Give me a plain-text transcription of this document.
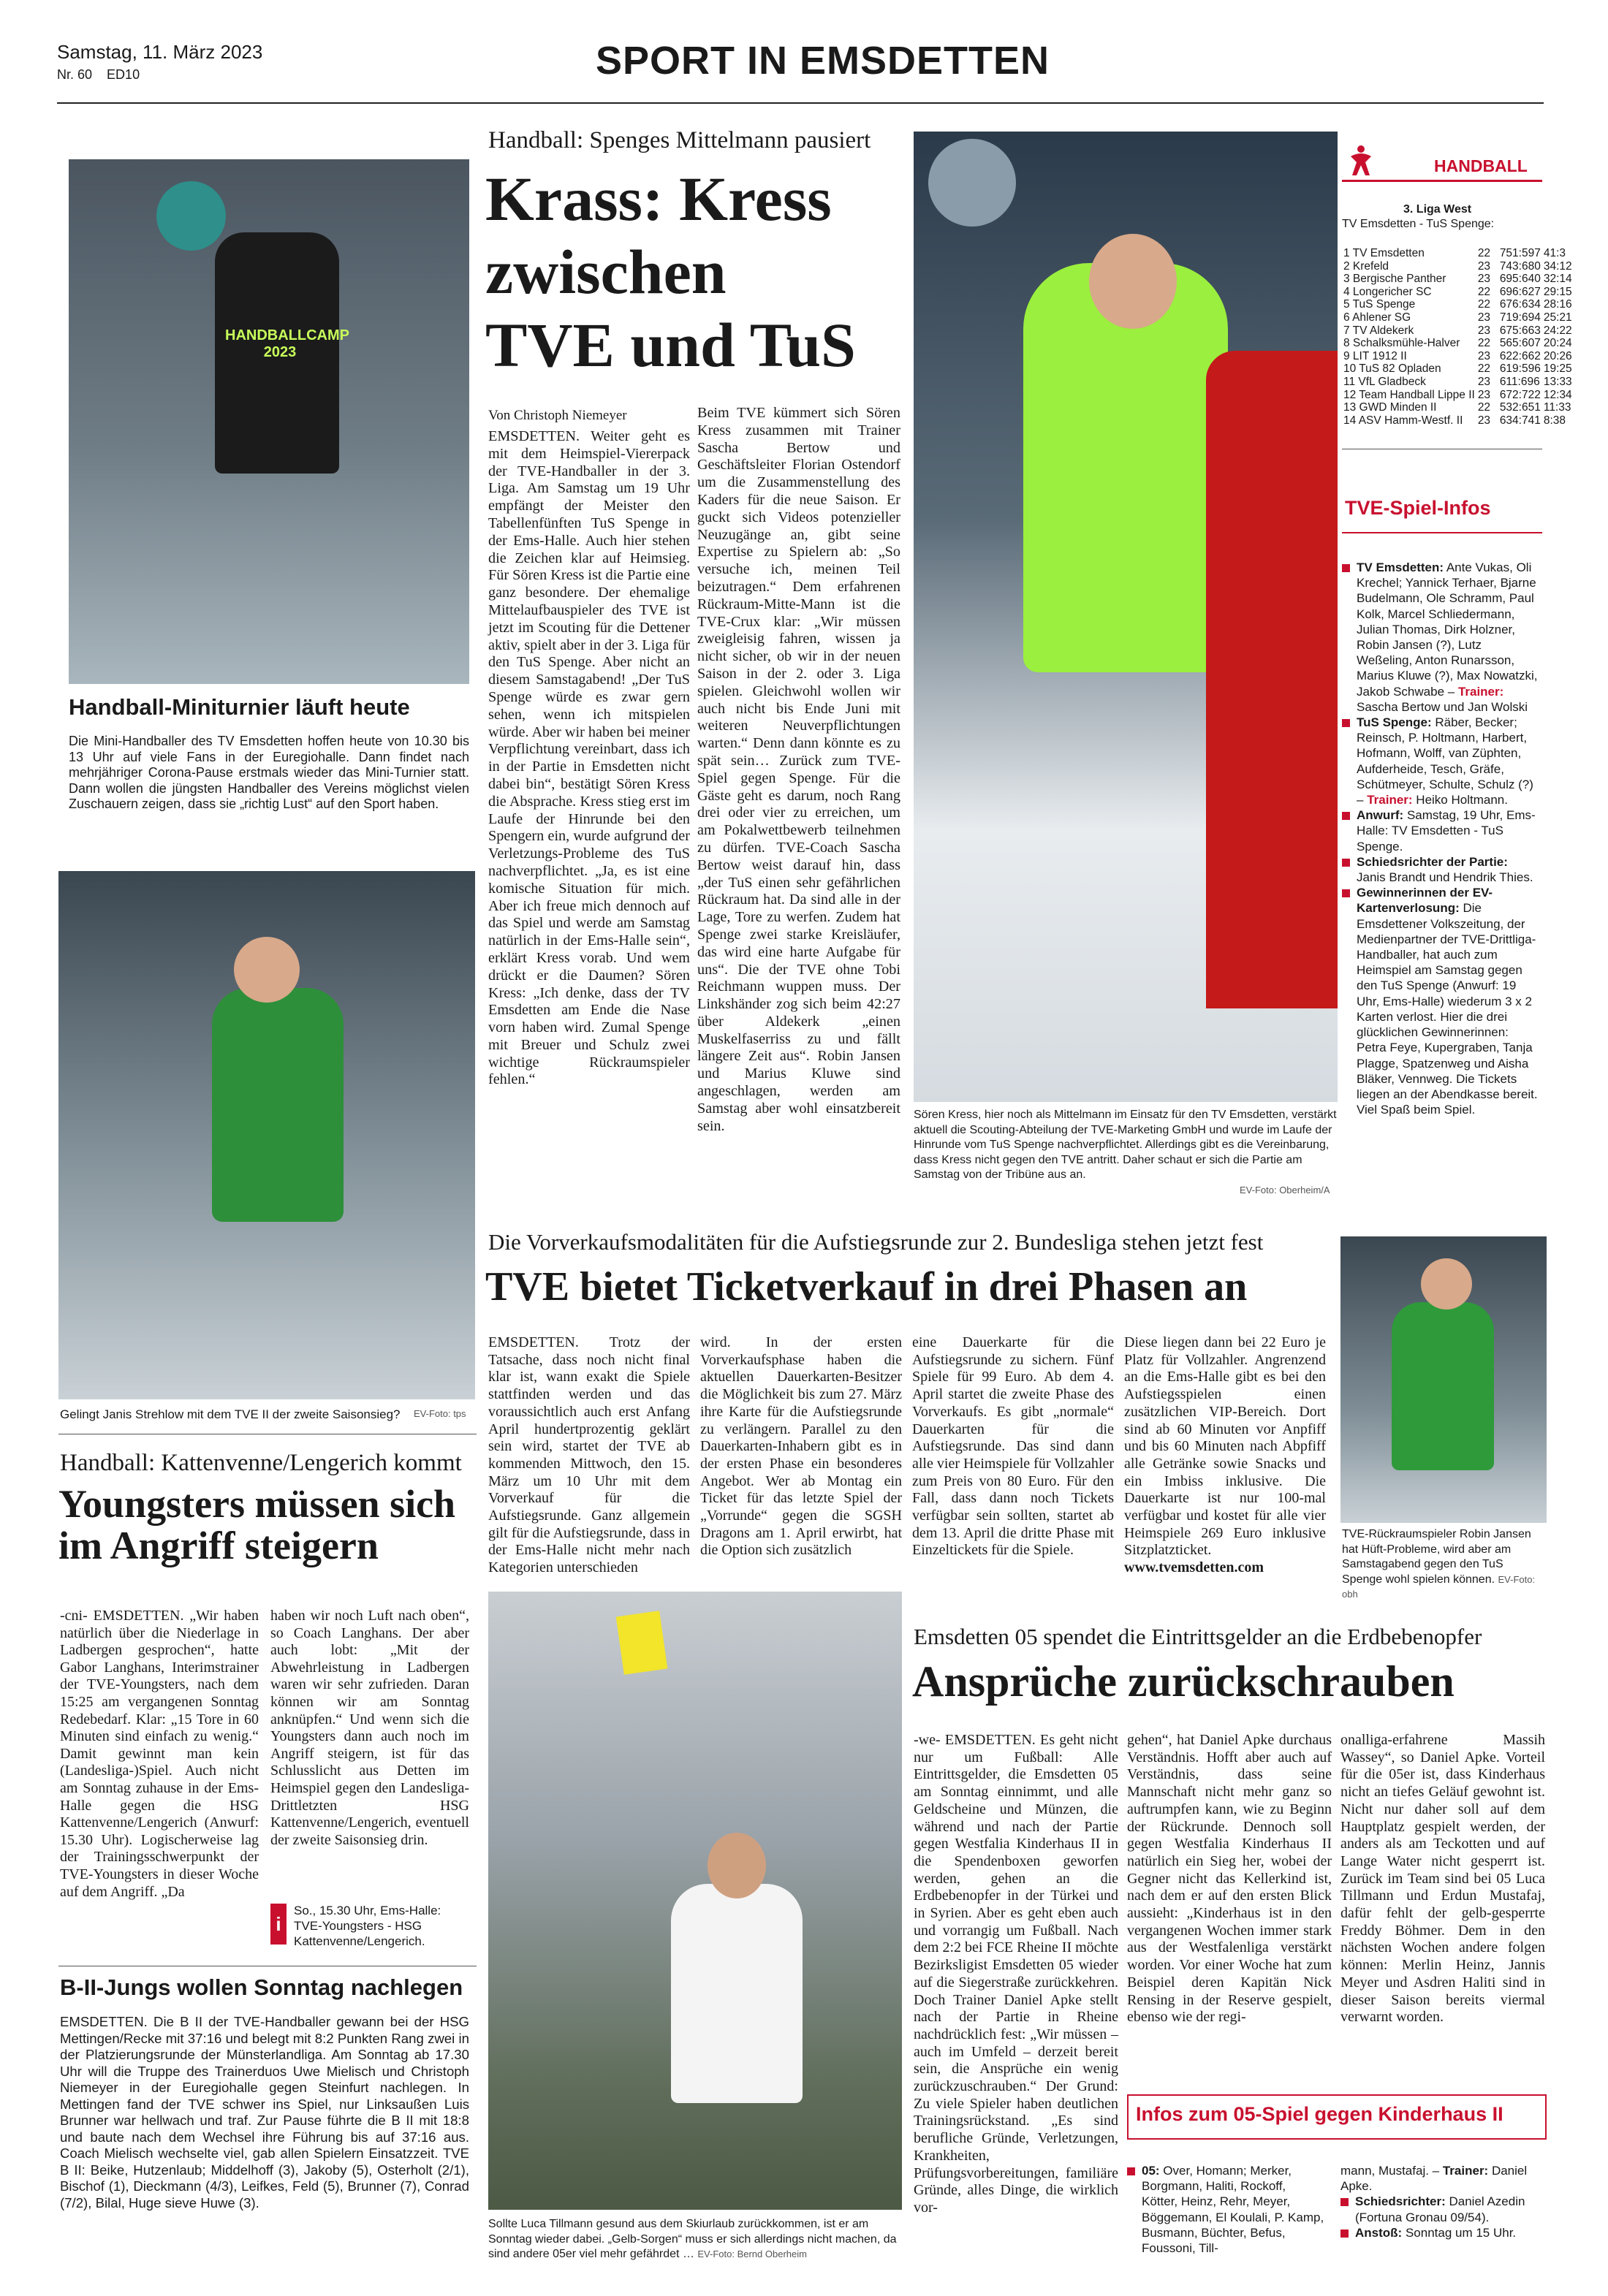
Samstag, 11. März 2023
Nr. 60 ED10	SPORT IN EMSDETTEN
HANDBALLCAMP 2023
Handball-Miniturnier läuft heute
Die Mini-Handballer des TV Emsdetten hoffen heute von 10.30 bis 13 Uhr auf viele Fans in der Euregiohalle. Dann findet nach mehrjähriger Corona-Pause erstmals wieder das Mini-Turnier statt. Dann wollen die jüngsten Handballer des Vereins möglichst vielen Zuschauern zeigen, dass sie „richtig Lust“ auf den Sport haben.
Gelingt Janis Strehlow mit dem TVE II der zweite Saisonsieg? EV-Foto: tps
Handball: Kattenvenne/Lengerich kommt
Youngsters müssen sich
im Angriff steigern
-cni- EMSDETTEN. „Wir haben natürlich über die Niederlage in Ladbergen gesprochen“, hatte Gabor Langhans, Interimstrainer der TVE-Youngsters, nach dem 15:25 am vergangenen Sonntag Redebedarf. Klar: „15 Tore in 60 Minuten sind einfach zu wenig.“ Damit gewinnt man kein (Landesliga-)Spiel. Auch nicht am Sonntag zuhause in der Ems-Halle gegen die HSG Kattenvenne/Lengerich (Anwurf: 15.30 Uhr). Logischerweise lag der Trainingsschwerpunkt der TVE-Youngsters in dieser Woche auf dem Angriff. „Da
haben wir noch Luft nach oben“, so Coach Langhans. Der aber auch lobt: „Mit der Abwehrleistung in Ladbergen waren wir sehr zufrieden. Daran können wir am Sonntag anknüpfen.“ Und wenn sich die Youngsters dann auch noch im Angriff steigern, ist für das Schlusslicht aus Detten im Heimspiel gegen den Landesliga-Drittletzten HSG Kattenvenne/Lengerich, eventuell der zweite Saisonsieg drin.
i
So., 15.30 Uhr, Ems-Halle: TVE-Youngsters - HSG Kattenvenne/Lengerich.
B-II-Jungs wollen Sonntag nachlegen
EMSDETTEN. Die B II der TVE-Handballer gewann bei der HSG Mettingen/Recke mit 37:16 und belegt mit 8:2 Punkten Rang zwei in der Platzierungsrunde der Münsterlandliga. Am Sonntag ab 17.30 Uhr will die Truppe des Trainerduos Uwe Mielisch und Christoph Niemeyer in der Euregiohalle gegen Steinfurt nachlegen. In Mettingen fand der TVE schwer ins Spiel, nur Linksaußen Luis Brunner war hellwach und traf. Zur Pause führte die B II mit 18:8 und baute nach dem Wechsel ihre Führung bis auf 37:16 aus. Coach Mielisch wechselte viel, gab allen Spielern Einsatzzeit. TVE B II: Beike, Hutzenlaub; Middelhoff (3), Jakoby (5), Osterholt (2/1), Bischof (1), Dieckmann (4/3), Leifkes, Feld (5), Brunner (7), Conrad (7/2), Bilal, Huge sieve Huwe (3).
Handball: Spenges Mittelmann pausiert
Krass: Kress
zwischen
TVE und TuS
Von Christoph Niemeyer
EMSDETTEN. Weiter geht es mit dem Heimspiel-Viererpack der TVE-Handballer in der 3. Liga. Am Samstag um 19 Uhr empfängt der Meister den Tabellenfünften TuS Spenge in der Ems-Halle. Auch hier stehen die Zeichen klar auf Heimsieg. Für Sören Kress ist die Partie eine ganz besondere. Der ehemalige Mittelaufbauspieler des TVE ist jetzt im Scouting für die Dettener aktiv, spielt aber in der 3. Liga für den TuS Spenge. Aber nicht an diesem Samstagabend! „Der TuS Spenge würde es zwar gern sehen, wenn ich mitspielen würde. Aber wir haben bei meiner Verpflichtung vereinbart, dass ich in der Partie in Emsdetten nicht dabei bin“, bestätigt Sören Kress die Absprache. Kress stieg erst im Laufe der Hinrunde bei den Spengern ein, wurde aufgrund der Verletzungs-Probleme des TuS nachverpflichtet. „Ja, es ist eine komische Situation für mich. Aber ich freue mich dennoch auf das Spiel und werde am Samstag natürlich in der Ems-Halle sein“, erklärt Kress vorab. Und wem drückt er die Daumen? Sören Kress: „Ich denke, dass der TV Emsdetten am Ende die Nase vorn haben wird. Zumal Spenge mit Breuer und Schulz zwei wichtige Rückraumspieler fehlen.“
Beim TVE kümmert sich Sören Kress zusammen mit Trainer Sascha Bertow und Geschäftsleiter Florian Ostendorf um die Zusammenstellung des Kaders für die neue Saison. Er guckt sich Videos potenzieller Neuzugänge an, gibt seine Expertise zu Spielern ab: „So versuche ich, meinen Teil beizutragen.“ Dem erfahrenen Rückraum-Mitte-Mann ist die TVE-Crux klar: „Wir müssen zweigleisig fahren, wissen ja nicht sicher, ob wir in der neuen Saison in der 2. oder 3. Liga spielen. Gleichwohl wollen wir auch nicht bis Ende Juni mit weiteren Neuverpflichtungen warten.“ Denn dann könnte es zu spät sein… Zurück zum TVE-Spiel gegen Spenge. Für die Gäste geht es darum, noch Rang drei oder vier zu erreichen, um am Pokalwettbewerb teilnehmen zu dürfen. TVE-Coach Sascha Bertow weist darauf hin, dass „der TuS einen sehr gefährlichen Rückraum hat. Da sind alle in der Lage, Tore zu werfen. Zudem hat Spenge zwei starke Kreisläufer, das wird eine harte Aufgabe für uns“. Die der TVE ohne Tobi Reichmann wuppen muss. Der Linkshänder zog sich beim 42:27 über Aldekerk „einen Muskelfaserriss zu und fällt längere Zeit aus“. Robin Jansen und Marius Kluwe sind angeschlagen, werden am Samstag aber wohl einsatzbereit sein.
Sören Kress, hier noch als Mittelmann im Einsatz für den TV Emsdetten, verstärkt aktuell die Scouting-Abteilung der TVE-Marketing GmbH und wurde im Laufe der Hinrunde vom TuS Spenge nachverpflichtet. Allerdings gibt es die Vereinbarung, dass Kress nicht gegen den TVE antritt. Daher schaut er sich die Partie am Samstag von der Tribüne aus an.
EV-Foto: Oberheim/A
HANDBALL
3. Liga West
TV Emsdetten - TuS Spenge:
1 TV Emsdetten	22	751:597	41:3
2 Krefeld	23	743:680	34:12
3 Bergische Panther	23	695:640	32:14
4 Longericher SC	22	696:627	29:15
5 TuS Spenge	22	676:634	28:16
6 Ahlener SG	23	719:694	25:21
7 TV Aldekerk	23	675:663	24:22
8 Schalksmühle-Halver	22	565:607	20:24
9 LIT 1912 II	23	622:662	20:26
10 TuS 82 Opladen	22	619:596	19:25
11 VfL Gladbeck	23	611:696	13:33
12 Team Handball Lippe II	23	672:722	12:34
13 GWD Minden II	22	532:651	11:33
14 ASV Hamm-Westf. II	23	634:741	8:38
TVE-Spiel-Infos
TV Emsdetten: Ante Vukas, Oli Krechel; Yannick Terhaer, Bjarne Budelmann, Ole Schramm, Paul Kolk, Marcel Schliedermann, Julian Thomas, Dirk Holzner, Robin Jansen (?), Lutz Weßeling, Anton Runarsson, Marius Kluwe (?), Max Nowatzki, Jakob Schwabe – Trainer: Sascha Bertow und Jan Wolski
TuS Spenge: Räber, Becker; Reinsch, P. Holtmann, Harbert, Hofmann, Wolff, van Züphten, Aufderheide, Tesch, Gräfe, Schütmeyer, Schulte, Schulz (?) – Trainer: Heiko Holtmann.
Anwurf: Samstag, 19 Uhr, Ems-Halle: TV Emsdetten - TuS Spenge.
Schiedsrichter der Partie: Janis Brandt und Hendrik Thies.
Gewinnerinnen der EV-Kartenverlosung: Die Emsdettener Volkszeitung, der Medienpartner der TVE-Drittliga-Handballer, hat auch zum Heimspiel am Samstag gegen den TuS Spenge (Anwurf: 19 Uhr, Ems-Halle) wiederum 3 x 2 Karten verlost. Hier die drei glücklichen Gewinnerinnen: Petra Feye, Kupergraben, Tanja Plagge, Spatzenweg und Aisha Bläker, Vennweg. Die Tickets liegen an der Abendkasse bereit. Viel Spaß beim Spiel.
Die Vorverkaufsmodalitäten für die Aufstiegsrunde zur 2. Bundesliga stehen jetzt fest
TVE bietet Ticketverkauf in drei Phasen an
EMSDETTEN. Trotz der Tatsache, dass noch nicht final klar ist, wann exakt die Spiele stattfinden werden und das voraussichtlich auch erst Anfang April hundertprozentig geklärt sein wird, startet der TVE ab kommenden Mittwoch, den 15. März um 10 Uhr mit dem Vorverkauf für die Aufstiegsrunde. Ganz allgemein gilt für die Aufstiegsrunde, dass in der Ems-Halle nicht mehr nach Kategorien unterschieden
wird. In der ersten Vorverkaufsphase haben die aktuellen Dauerkarten-Besitzer die Möglichkeit bis zum 27. März ihre Karte für die Aufstiegsrunde zu verlängern. Parallel zu den Dauerkarten-Inhabern gibt es in der ersten Phase ein besonderes Angebot. Wer ab Montag ein Ticket für das letzte Spiel der „Vorrunde“ gegen die SGSH Dragons am 1. April erwirbt, hat die Option sich zusätzlich
eine Dauerkarte für die Aufstiegsrunde zu sichern. Fünf Spiele für 99 Euro. Ab dem 4. April startet die zweite Phase des Vorverkaufs. Es gibt „normale“ Dauerkarten für die Aufstiegsrunde. Das sind dann alle vier Heimspiele für Vollzahler zum Preis von 80 Euro. Für den Fall, dass dann noch Tickets verfügbar sein sollten, startet ab dem 13. April die dritte Phase mit Einzeltickets für die Spiele.
Diese liegen dann bei 22 Euro je Platz für Vollzahler. Angrenzend an die Ems-Halle gibt es bei den Aufstiegsspielen einen zusätzlichen VIP-Bereich. Dort sind ab 60 Minuten vor Anpfiff und bis 60 Minuten nach Abpfiff alle Getränke sowie Snacks und ein Imbiss inklusive. Die Dauerkarte ist nur 100-mal verfügbar und kostet für alle vier Heimspiele 269 Euro inklusive Sitzplatzticket. www.tvemsdetten.com
TVE-Rückraumspieler Robin Jansen hat Hüft-Probleme, wird aber am Samstagabend gegen den TuS Spenge wohl spielen können. EV-Foto: obh
Sollte Luca Tillmann gesund aus dem Skiurlaub zurückkommen, ist er am Sonntag wieder dabei. „Gelb-Sorgen“ muss er sich allerdings nicht machen, da sind andere 05er viel mehr gefährdet … EV-Foto: Bernd Oberheim
Emsdetten 05 spendet die Eintrittsgelder an die Erdbebenopfer
Ansprüche zurückschrauben
-we- EMSDETTEN. Es geht nicht nur um Fußball: Alle Eintrittsgelder, die Emsdetten 05 am Sonntag einnimmt, und alle Geldscheine und Münzen, die während und nach der Partie gegen Westfalia Kinderhaus II in die Spendenboxen geworfen werden, gehen an die Erdbebenopfer in der Türkei und in Syrien. Aber es geht eben auch und vorrangig um Fußball. Nach dem 2:2 bei FCE Rheine II möchte Bezirksligist Emsdetten 05 wieder auf die Siegerstraße zurückkehren. Doch Trainer Daniel Apke stellt nach der Partie in Rheine nachdrücklich fest: „Wir müssen – auch im Umfeld – derzeit bereit sein, die Ansprüche ein wenig zurückzuschrauben.“ Der Grund: Zu viele Spieler haben deutlichen Trainingsrückstand. „Es sind berufliche Gründe, Verletzungen, Krankheiten, Prüfungsvorbereitungen, familiäre Gründe, alles Dinge, die wirklich vor-
gehen“, hat Daniel Apke durchaus Verständnis. Hofft aber auch auf Verständnis, dass seine Mannschaft nicht mehr ganz so auftrumpfen kann, wie zu Beginn der Rückrunde. Dennoch soll gegen Westfalia Kinderhaus II natürlich ein Sieg her, wobei der Gegner nicht das Kellerkind ist, nach dem er auf den ersten Blick aussieht: „Kinderhaus ist in den vergangenen Wochen immer stark aus der Westfalenliga verstärkt worden. Vor einer Woche hat zum Beispiel deren Kapitän Nick Rensing in der Reserve gespielt, ebenso wie der regi-
onalliga-erfahrene Massih Wassey“, so Daniel Apke. Vorteil für die 05er ist, dass Kinderhaus nicht an tiefes Geläuf gewohnt ist. Nicht nur daher soll auf dem Hauptplatz gespielt werden, der anders als am Teckotten und auf Lange Water nicht gesperrt ist. Zurück im Team sind bei 05 Luca Tillmann und Erdun Mustafaj, dafür fehlt der gelb-gesperrte Freddy Böhmer. Dem in den nächsten Wochen andere folgen können: Merlin Heinz, Jannis Meyer und Asdren Haliti sind in dieser Saison bereits viermal verwarnt worden.
Infos zum 05-Spiel gegen Kinderhaus II
05: Over, Homann; Merker, Borgmann, Haliti, Rockoff, Kötter, Heinz, Rehr, Meyer, Böggemann, El Koulali, P. Kamp, Busmann, Büchter, Befus, Foussoni, Till-
mann, Mustafaj. – Trainer: Daniel Apke.
Schiedsrichter: Daniel Azedin (Fortuna Gronau 09/54).
Anstoß: Sonntag um 15 Uhr.
